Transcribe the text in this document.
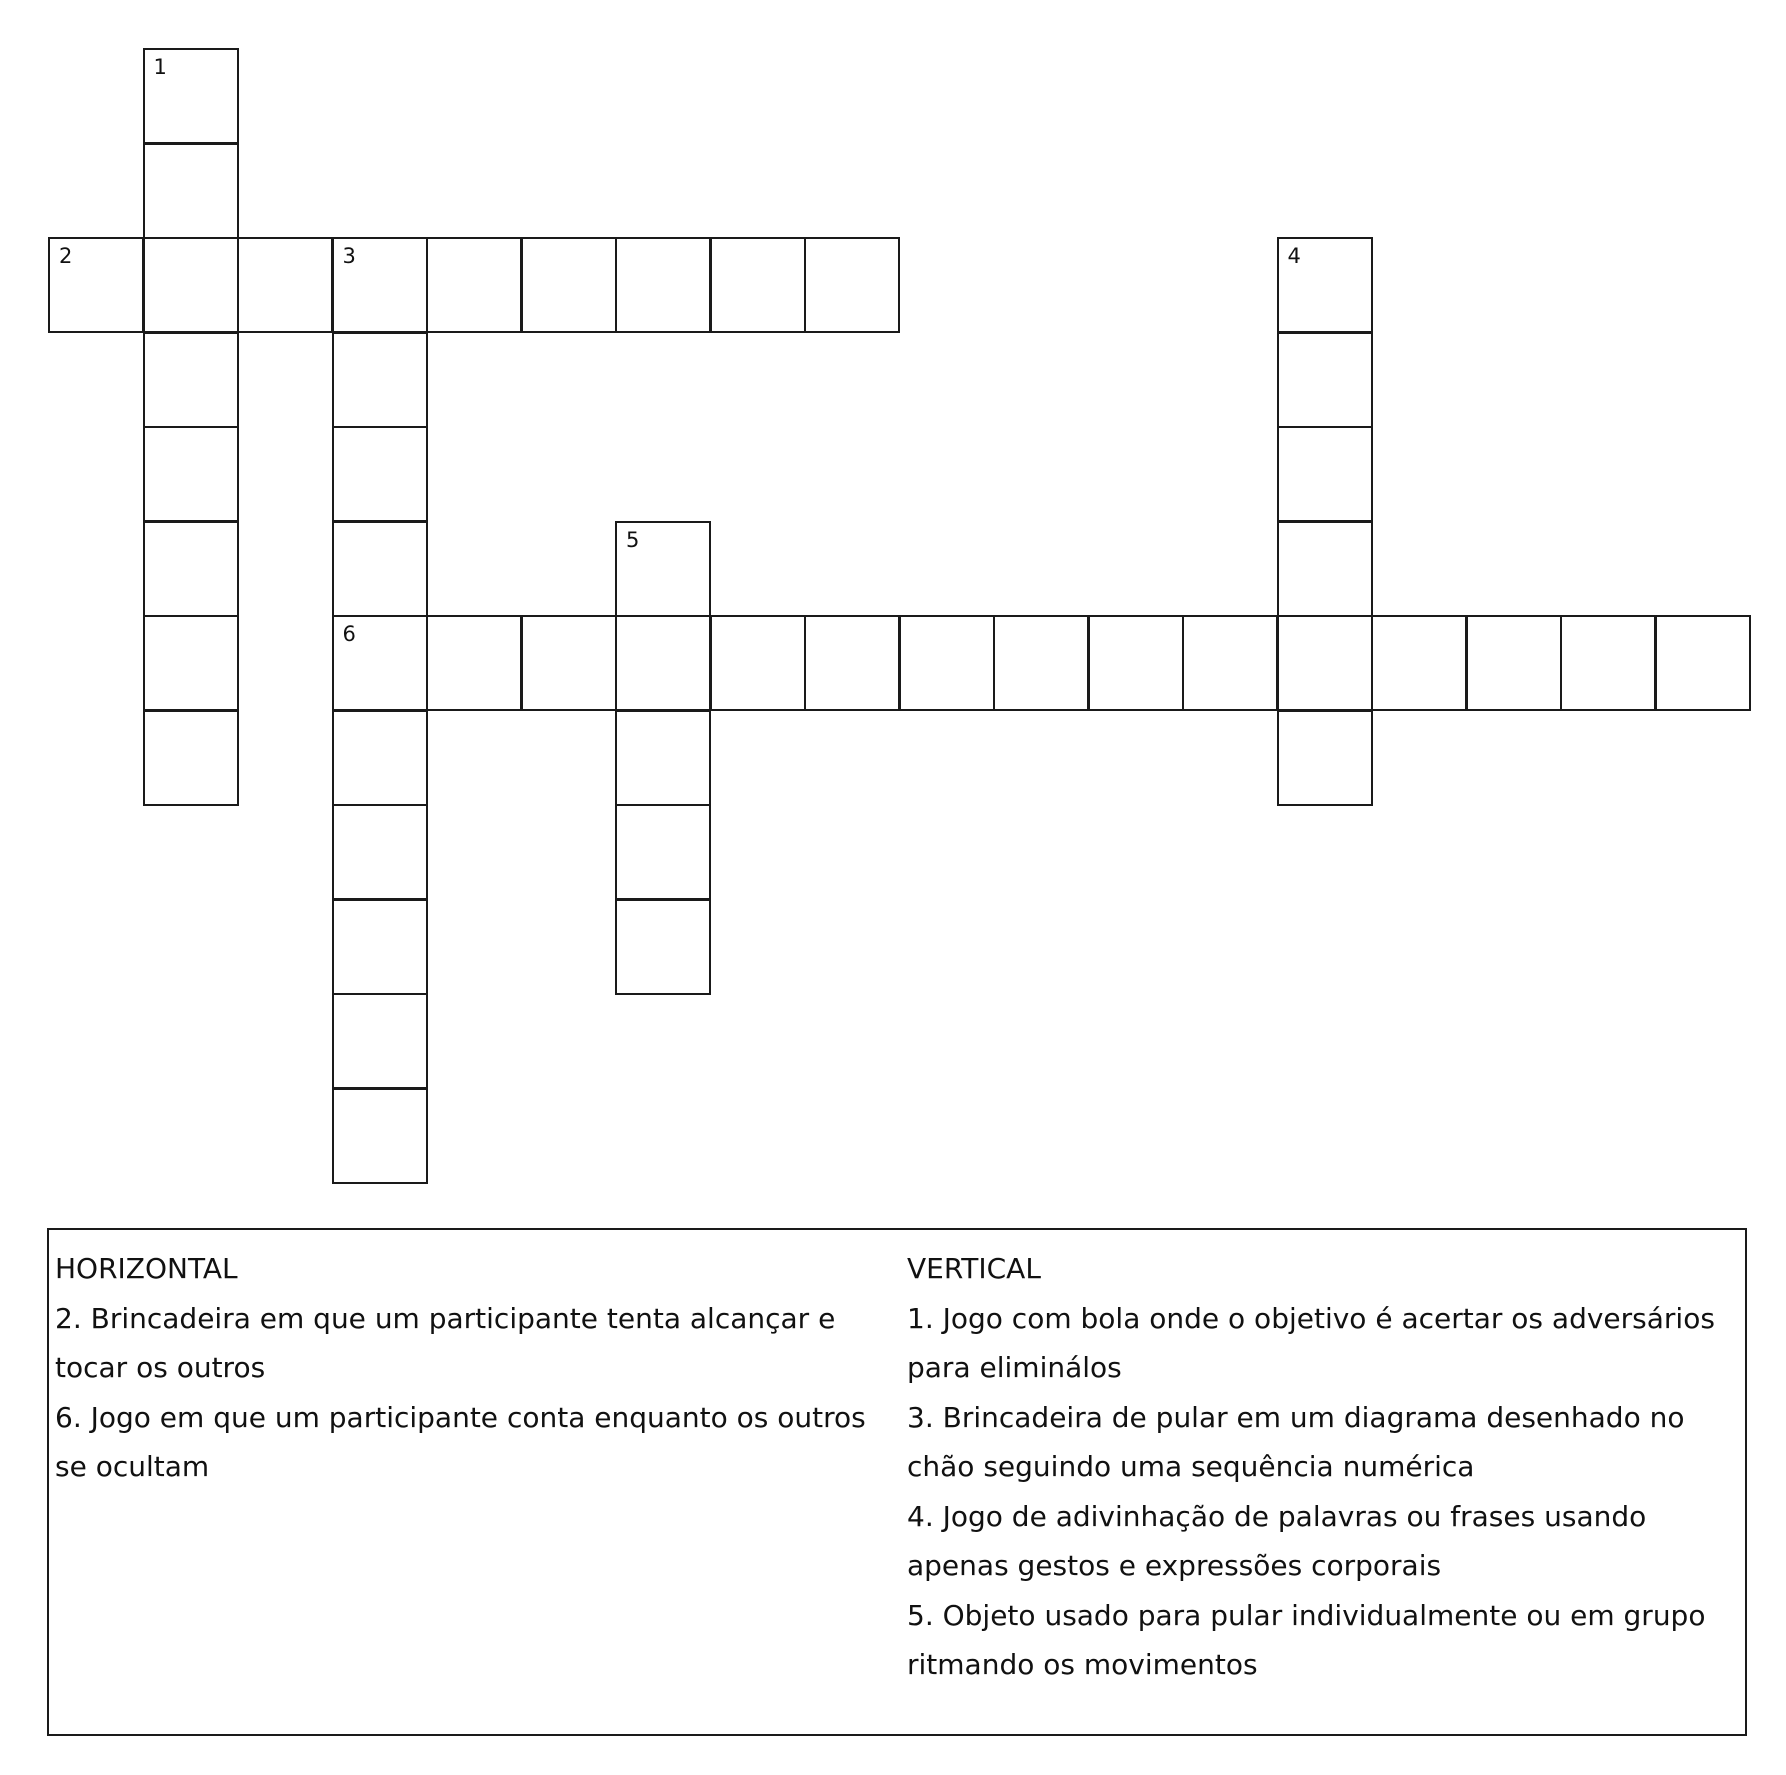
1
2	3
6
4
5

HORIZONTAL

2. Brincadeira em que um participante tenta alcançar e tocar os outros

6. Jogo em que um participante conta enquanto os outros se ocultam

VERTICAL

1. Jogo com bola onde o objetivo é acertar os adversários para eliminálos

3. Brincadeira de pular em um diagrama desenhado no chão seguindo uma sequência numérica

4. Jogo de adivinhação de palavras ou frases usando apenas gestos e expressões corporais

5. Objeto usado para pular individualmente ou em grupo ritmando os movimentos
